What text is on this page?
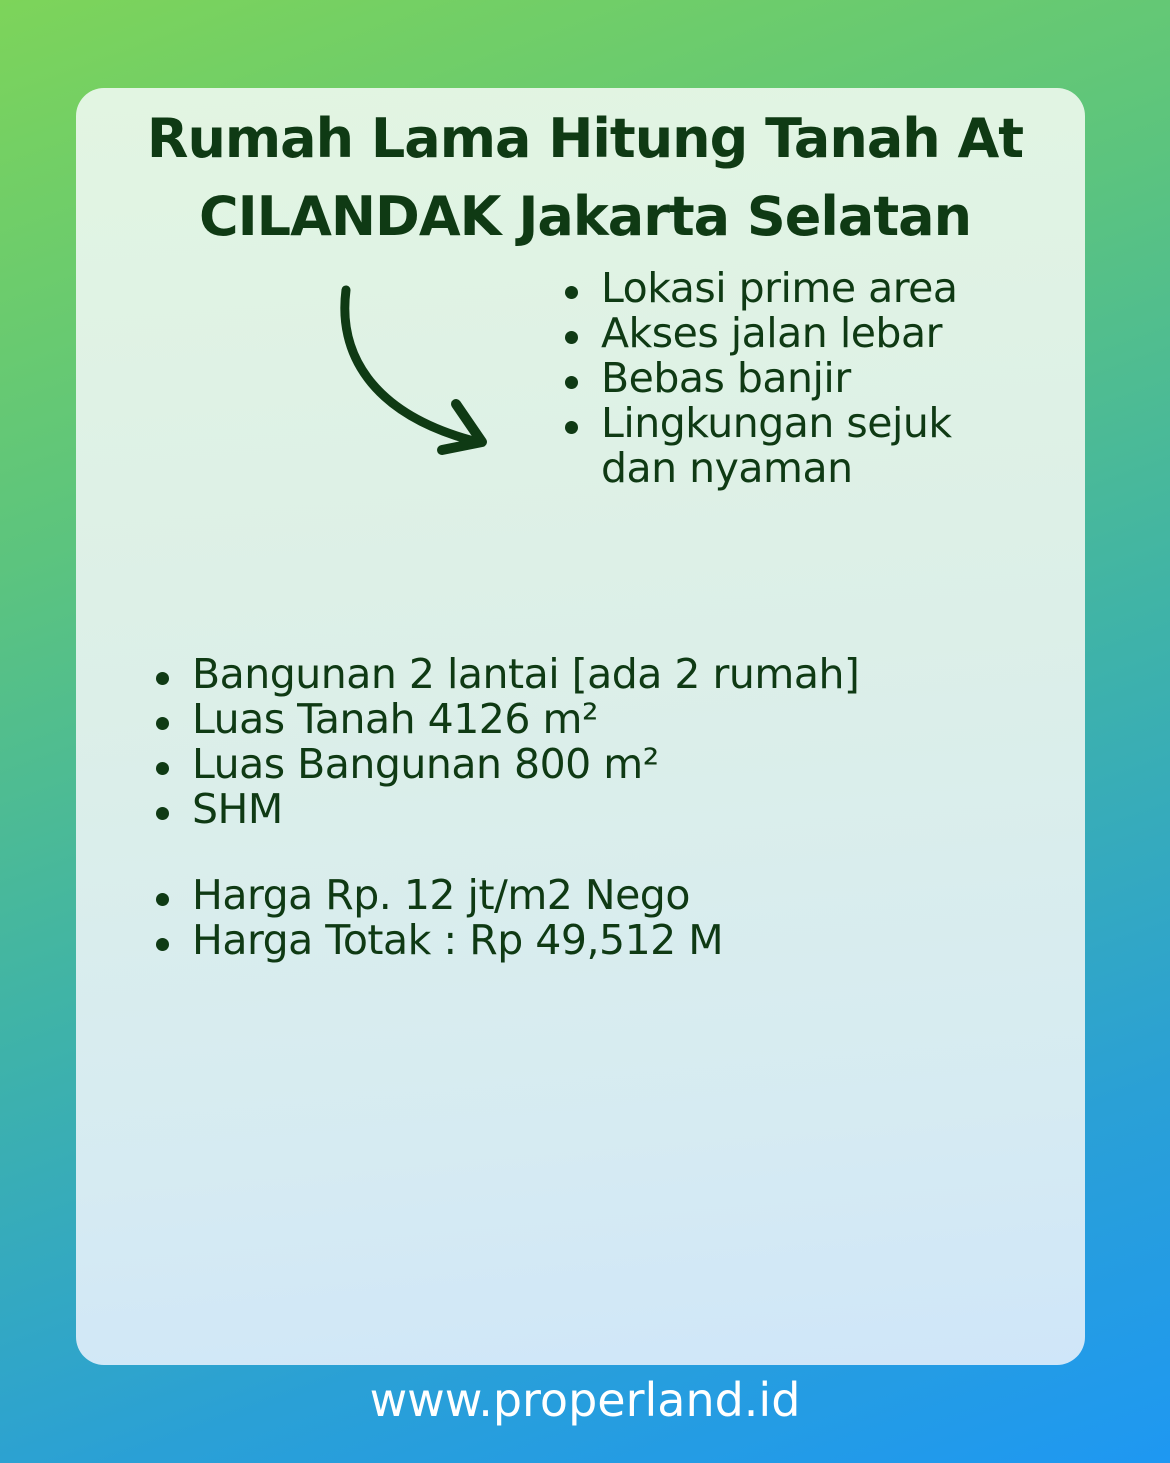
Rumah Lama Hitung Tanah At
CILANDAK Jakarta Selatan
Lokasi prime area
Akses jalan lebar
Bebas banjir
Lingkungan sejuk dan nyaman
Bangunan 2 lantai [ada 2 rumah]
Luas Tanah 4126 m²
Luas Bangunan 800 m²
SHM
Harga Rp. 12 jt/m2 Nego
Harga Totak : Rp 49,512 M
www.properland.id
